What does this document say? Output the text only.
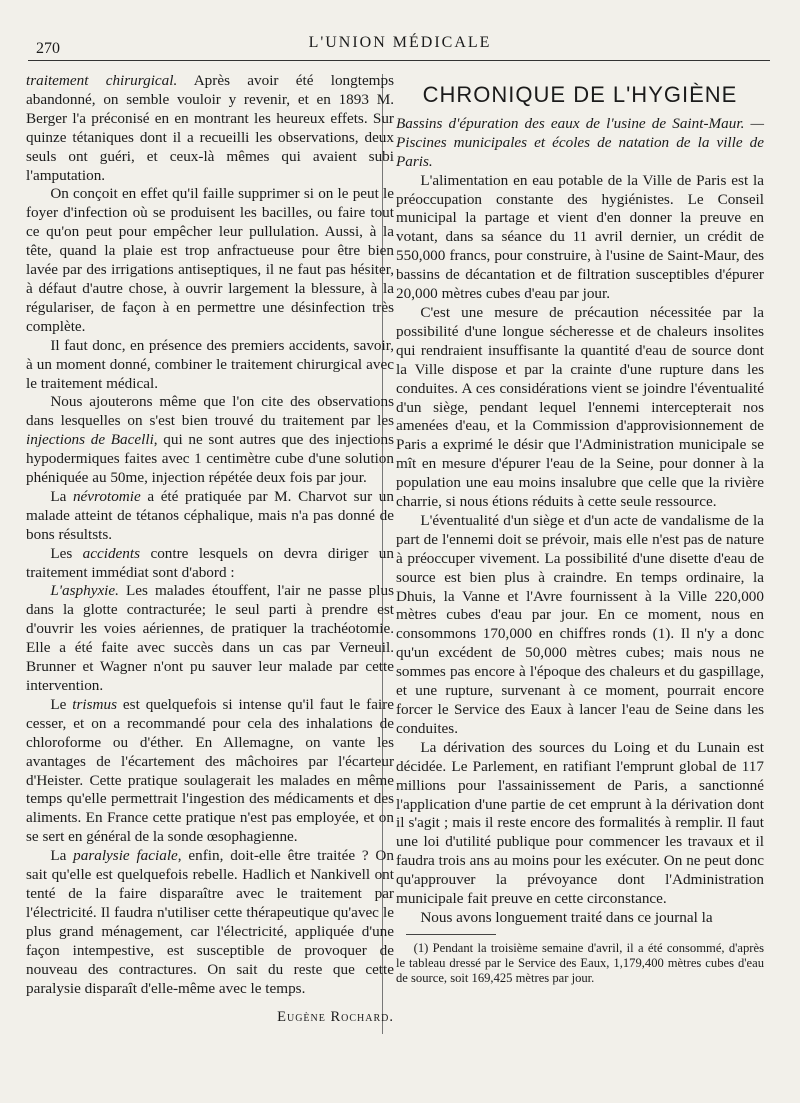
270	L'UNION MÉDICALE

traitement chirurgical. Après avoir été longtemps abandonné, on semble vouloir y revenir, et en 1893 M. Berger l'a préconisé en en montrant les heureux effets. Sur quinze tétaniques dont il a recueilli les observations, deux seuls ont guéri, et ceux-là mêmes qui avaient subi l'amputation.

On conçoit en effet qu'il faille supprimer si on le peut le foyer d'infection où se produisent les bacilles, ou faire tout ce qu'on peut pour empêcher leur pullulation. Aussi, à la tête, quand la plaie est trop anfractueuse pour être bien lavée par des irrigations antiseptiques, il ne faut pas hésiter, à défaut d'autre chose, à ouvrir largement la blessure, à la régulariser, de façon à en permettre une désinfection très complète.

Il faut donc, en présence des premiers accidents, savoir, à un moment donné, combiner le traitement chirurgical avec le traitement médical.

Nous ajouterons même que l'on cite des observations dans lesquelles on s'est bien trouvé du traitement par les injections de Bacelli, qui ne sont autres que des injections hypodermiques faites avec 1 centimètre cube d'une solution phéniquée au 50me, injection répétée deux fois par jour.

La névrotomie a été pratiquée par M. Charvot sur un malade atteint de tétanos céphalique, mais n'a pas donné de bons résultsts.

Les accidents contre lesquels on devra diriger un traitement immédiat sont d'abord :

L'asphyxie. Les malades étouffent, l'air ne passe plus dans la glotte contracturée; le seul parti à prendre est d'ouvrir les voies aériennes, de pratiquer la trachéotomie. Elle a été faite avec succès dans un cas par Verneuil. Brunner et Wagner n'ont pu sauver leur malade par cette intervention.

Le trismus est quelquefois si intense qu'il faut le faire cesser, et on a recommandé pour cela des inhalations de chloroforme ou d'éther. En Allemagne, on vante les avantages de l'écartement des mâchoires par l'écarteur d'Heister. Cette pratique soulagerait les malades en même temps qu'elle permettrait l'ingestion des médicaments et des aliments. En France cette pratique n'est pas employée, et on se sert en général de la sonde œsophagienne.

La paralysie faciale, enfin, doit-elle être traitée ? On sait qu'elle est quelquefois rebelle. Hadlich et Nankivell ont tenté de la faire disparaître avec le traitement par l'électricité. Il faudra n'utiliser cette thérapeutique qu'avec le plus grand ménagement, car l'électricité, appliquée d'une façon intempestive, est susceptible de provoquer de nouveau des contractures. On sait du reste que cette paralysie disparaît d'elle-même avec le temps.

Eugène Rochard.
CHRONIQUE DE L'HYGIÈNE

Bassins d'épuration des eaux de l'usine de Saint-Maur. — Piscines municipales et écoles de natation de la ville de Paris.

L'alimentation en eau potable de la Ville de Paris est la préoccupation constante des hygiénistes. Le Conseil municipal la partage et vient d'en donner la preuve en votant, dans sa séance du 11 avril dernier, un crédit de 550,000 francs, pour construire, à l'usine de Saint-Maur, des bassins de décantation et de filtration susceptibles d'épurer 20,000 mètres cubes d'eau par jour.

C'est une mesure de précaution nécessitée par la possibilité d'une longue sécheresse et de chaleurs insolites qui rendraient insuffisante la quantité d'eau de source dont la Ville dispose et par la crainte d'une rupture dans les conduites. A ces considérations vient se joindre l'éventualité d'un siège, pendant lequel l'ennemi intercepterait nos amenées d'eau, et la Commission d'approvisionnement de Paris a exprimé le désir que l'Administration municipale se mît en mesure d'épurer l'eau de la Seine, pour donner à la population une eau moins insalubre que celle que la rivière charrie, si nous étions réduits à cette seule ressource.

L'éventualité d'un siège et d'un acte de vandalisme de la part de l'ennemi doit se prévoir, mais elle n'est pas de nature à préoccuper vivement. La possibilité d'une disette d'eau de source est bien plus à craindre. En temps ordinaire, la Dhuis, la Vanne et l'Avre fournissent à la Ville 220,000 mètres cubes d'eau par jour. En ce moment, nous en consommons 170,000 en chiffres ronds (1). Il n'y a donc qu'un excédent de 50,000 mètres cubes; mais nous ne sommes pas encore à l'époque des chaleurs et du gaspillage, et une rupture, survenant à ce moment, pourrait encore forcer le Service des Eaux à lancer l'eau de Seine dans les conduites.

La dérivation des sources du Loing et du Lunain est décidée. Le Parlement, en ratifiant l'emprunt global de 117 millions pour l'assainissement de Paris, a sanctionné l'application d'une partie de cet emprunt à la dérivation dont il s'agit ; mais il reste encore des formalités à remplir. Il faut une loi d'utilité publique pour commencer les travaux et il faudra trois ans au moins pour les exécuter. On ne peut donc qu'approuver la prévoyance dont l'Administration municipale fait preuve en cette circonstance.

Nous avons longuement traité dans ce journal la

(1) Pendant la troisième semaine d'avril, il a été consommé, d'après le tableau dressé par le Service des Eaux, 1,179,400 mètres cubes d'eau de source, soit 169,425 mètres par jour.
